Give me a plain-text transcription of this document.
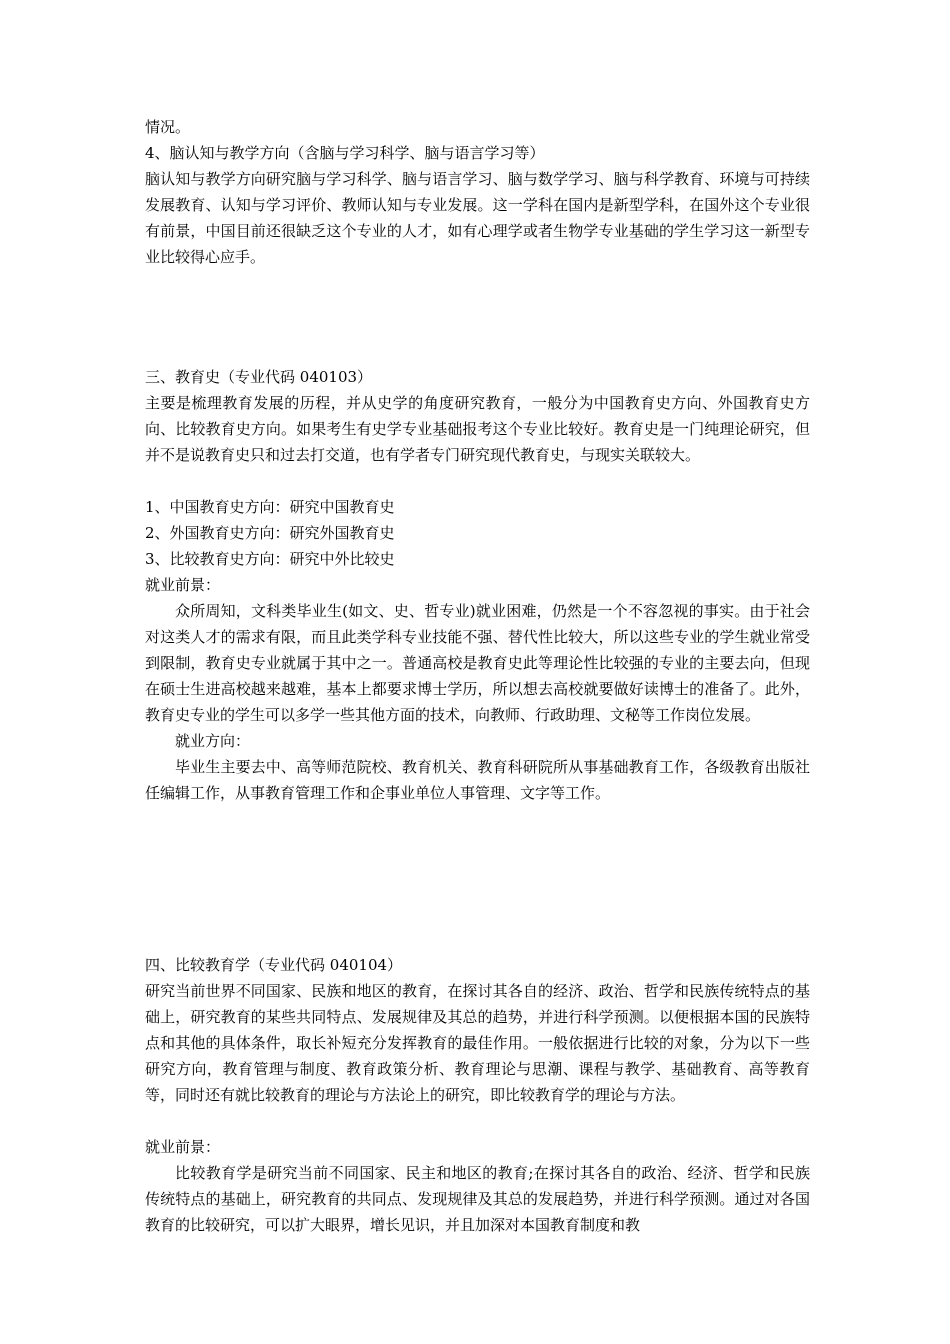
情况。

4、脑认知与教学方向（含脑与学习科学、脑与语言学习等）

脑认知与教学方向研究脑与学习科学、脑与语言学习、脑与数学学习、脑与科学教育、环境与可持续发展教育、认知与学习评价、教师认知与专业发展。这一学科在国内是新型学科，在国外这个专业很有前景，中国目前还很缺乏这个专业的人才，如有心理学或者生物学专业基础的学生学习这一新型专业比较得心应手。

三、教育史（专业代码 040103）

主要是梳理教育发展的历程，并从史学的角度研究教育，一般分为中国教育史方向、外国教育史方向、比较教育史方向。如果考生有史学专业基础报考这个专业比较好。教育史是一门纯理论研究，但并不是说教育史只和过去打交道，也有学者专门研究现代教育史，与现实关联较大。

1、中国教育史方向：研究中国教育史

2、外国教育史方向：研究外国教育史

3、比较教育史方向：研究中外比较史

就业前景：

众所周知，文科类毕业生(如文、史、哲专业)就业困难，仍然是一个不容忽视的事实。由于社会对这类人才的需求有限，而且此类学科专业技能不强、替代性比较大，所以这些专业的学生就业常受到限制，教育史专业就属于其中之一。普通高校是教育史此等理论性比较强的专业的主要去向，但现在硕士生进高校越来越难，基本上都要求博士学历，所以想去高校就要做好读博士的准备了。此外，教育史专业的学生可以多学一些其他方面的技术，向教师、行政助理、文秘等工作岗位发展。

就业方向：

毕业生主要去中、高等师范院校、教育机关、教育科研院所从事基础教育工作，各级教育出版社任编辑工作，从事教育管理工作和企事业单位人事管理、文字等工作。

四、比较教育学（专业代码 040104）

研究当前世界不同国家、民族和地区的教育，在探讨其各自的经济、政治、哲学和民族传统特点的基础上，研究教育的某些共同特点、发展规律及其总的趋势，并进行科学预测。以便根据本国的民族特点和其他的具体条件，取长补短充分发挥教育的最佳作用。一般依据进行比较的对象，分为以下一些研究方向，教育管理与制度、教育政策分析、教育理论与思潮、课程与教学、基础教育、高等教育等，同时还有就比较教育的理论与方法论上的研究，即比较教育学的理论与方法。

就业前景：

比较教育学是研究当前不同国家、民主和地区的教育;在探讨其各自的政治、经济、哲学和民族传统特点的基础上，研究教育的共同点、发现规律及其总的发展趋势，并进行科学预测。通过对各国教育的比较研究，可以扩大眼界，增长见识，并且加深对本国教育制度和教
